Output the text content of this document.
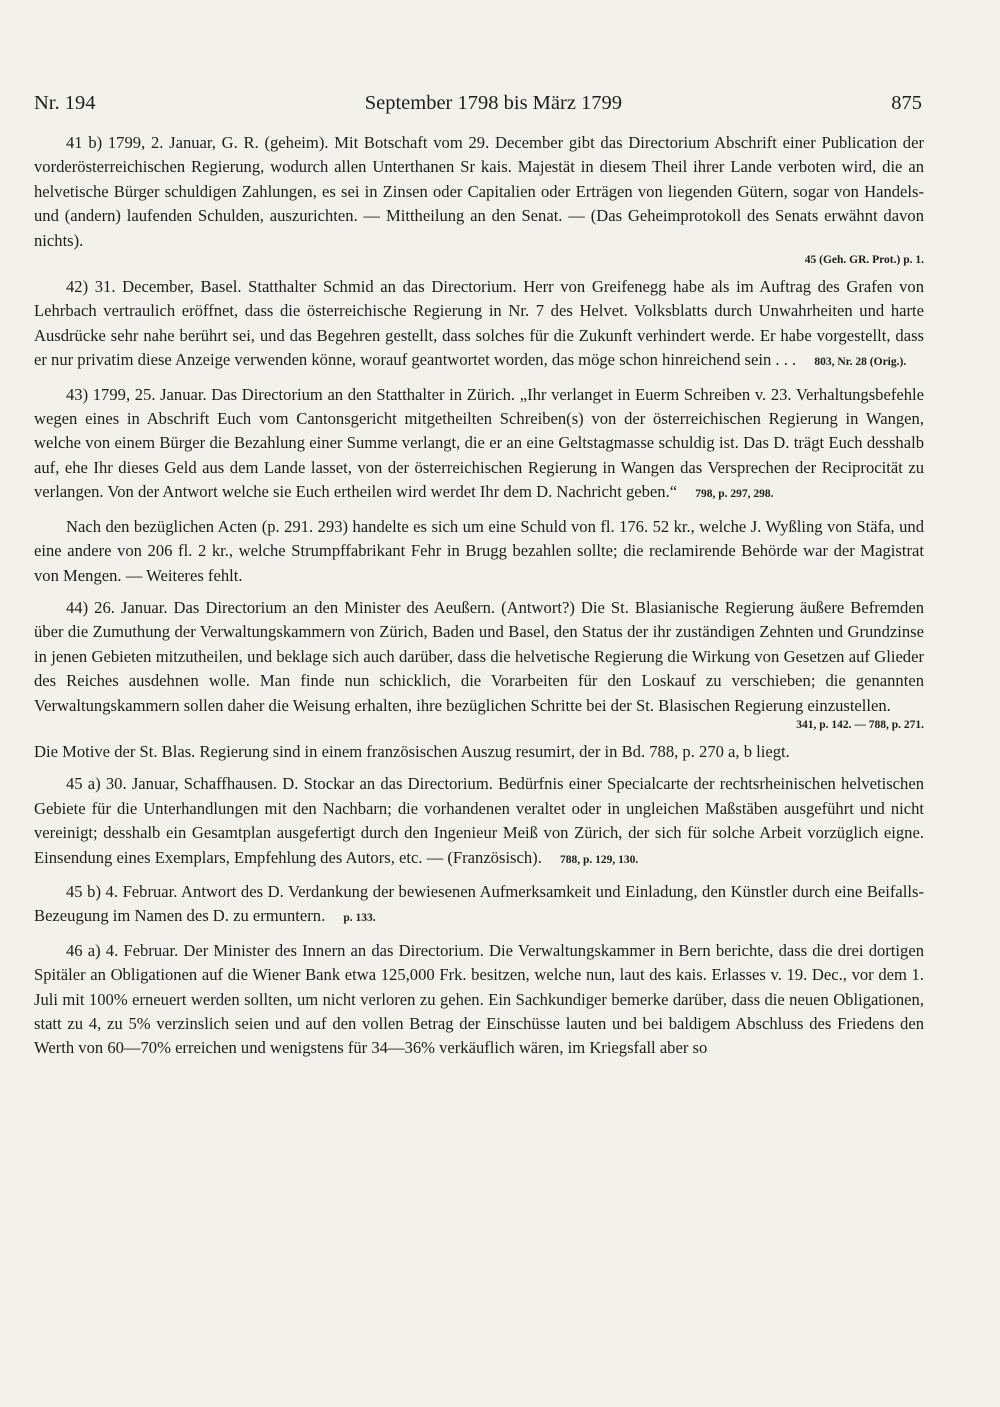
Nr. 194	September 1798 bis März 1799	875

41 b) 1799, 2. Januar, G. R. (geheim). Mit Botschaft vom 29. December gibt das Directorium Abschrift einer Publication der vorderösterreichischen Regierung, wodurch allen Unterthanen Sr kais. Majestät in diesem Theil ihrer Lande verboten wird, die an helvetische Bürger schuldigen Zahlungen, es sei in Zinsen oder Capitalien oder Erträgen von liegenden Gütern, sogar von Handels- und (andern) laufenden Schulden, auszurichten. — Mittheilung an den Senat. — (Das Geheimprotokoll des Senats erwähnt davon nichts).
45 (Geh. GR. Prot.) p. 1.

42) 31. December, Basel. Statthalter Schmid an das Directorium. Herr von Greifenegg habe als im Auftrag des Grafen von Lehrbach vertraulich eröffnet, dass die österreichische Regierung in Nr. 7 des Helvet. Volksblatts durch Unwahrheiten und harte Ausdrücke sehr nahe berührt sei, und das Begehren gestellt, dass solches für die Zukunft verhindert werde. Er habe vorgestellt, dass er nur privatim diese Anzeige verwenden könne, worauf geantwortet worden, das möge schon hinreichend sein . . . 803, Nr. 28 (Orig.).

43) 1799, 25. Januar. Das Directorium an den Statthalter in Zürich. „Ihr verlanget in Euerm Schreiben v. 23. Verhaltungsbefehle wegen eines in Abschrift Euch vom Cantonsgericht mitgetheilten Schreiben(s) von der österreichischen Regierung in Wangen, welche von einem Bürger die Bezahlung einer Summe verlangt, die er an eine Geltstagmasse schuldig ist. Das D. trägt Euch desshalb auf, ehe Ihr dieses Geld aus dem Lande lasset, von der österreichischen Regierung in Wangen das Versprechen der Reciprocität zu verlangen. Von der Antwort welche sie Euch ertheilen wird werdet Ihr dem D. Nachricht geben.“ 798, p. 297, 298.

Nach den bezüglichen Acten (p. 291. 293) handelte es sich um eine Schuld von fl. 176. 52 kr., welche J. Wyßling von Stäfa, und eine andere von 206 fl. 2 kr., welche Strumpffabrikant Fehr in Brugg bezahlen sollte; die reclamirende Behörde war der Magistrat von Mengen. — Weiteres fehlt.

44) 26. Januar. Das Directorium an den Minister des Aeußern. (Antwort?) Die St. Blasianische Regierung äußere Befremden über die Zumuthung der Verwaltungskammern von Zürich, Baden und Basel, den Status der ihr zuständigen Zehnten und Grundzinse in jenen Gebieten mitzutheilen, und beklage sich auch darüber, dass die helvetische Regierung die Wirkung von Gesetzen auf Glieder des Reiches ausdehnen wolle. Man finde nun schicklich, die Vorarbeiten für den Loskauf zu verschieben; die genannten Verwaltungskammern sollen daher die Weisung erhalten, ihre bezüglichen Schritte bei der St. Blasischen Regierung einzustellen.
341, p. 142. — 788, p. 271.

Die Motive der St. Blas. Regierung sind in einem französischen Auszug resumirt, der in Bd. 788, p. 270 a, b liegt.

45 a) 30. Januar, Schaffhausen. D. Stockar an das Directorium. Bedürfnis einer Specialcarte der rechtsrheinischen helvetischen Gebiete für die Unterhandlungen mit den Nachbarn; die vorhandenen veraltet oder in ungleichen Maßstäben ausgeführt und nicht vereinigt; desshalb ein Gesamtplan ausgefertigt durch den Ingenieur Meiß von Zürich, der sich für solche Arbeit vorzüglich eigne. Einsendung eines Exemplars, Empfehlung des Autors, etc. — (Französisch). 788, p. 129, 130.

45 b) 4. Februar. Antwort des D. Verdankung der bewiesenen Aufmerksamkeit und Einladung, den Künstler durch eine Beifalls-Bezeugung im Namen des D. zu ermuntern. p. 133.

46 a) 4. Februar. Der Minister des Innern an das Directorium. Die Verwaltungskammer in Bern berichte, dass die drei dortigen Spitäler an Obligationen auf die Wiener Bank etwa 125,000 Frk. besitzen, welche nun, laut des kais. Erlasses v. 19. Dec., vor dem 1. Juli mit 100% erneuert werden sollten, um nicht verloren zu gehen. Ein Sachkundiger bemerke darüber, dass die neuen Obligationen, statt zu 4, zu 5% verzinslich seien und auf den vollen Betrag der Einschüsse lauten und bei baldigem Abschluss des Friedens den Werth von 60—70% erreichen und wenigstens für 34—36% verkäuflich wären, im Kriegsfall aber so
